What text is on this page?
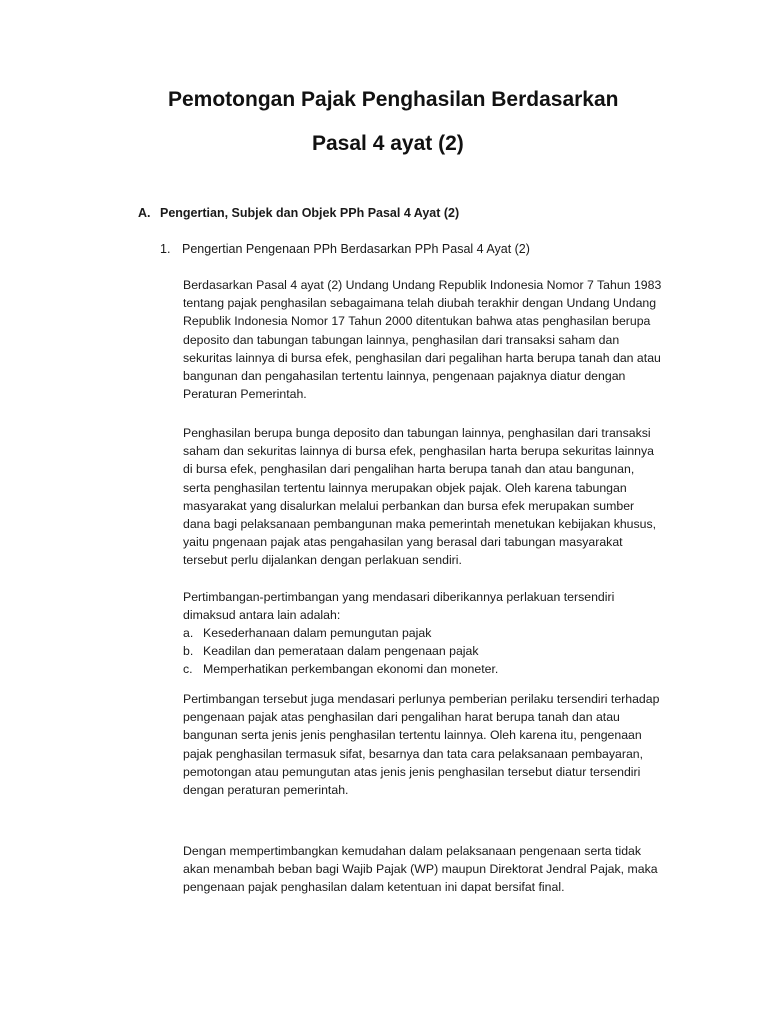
Pemotongan Pajak Penghasilan Berdasarkan
Pasal 4 ayat (2)
A. Pengertian, Subjek dan Objek PPh Pasal 4 Ayat (2)
1. Pengertian Pengenaan PPh Berdasarkan PPh Pasal 4 Ayat (2)

Berdasarkan Pasal 4 ayat (2) Undang Undang Republik Indonesia Nomor 7 Tahun 1983 tentang pajak penghasilan sebagaimana telah diubah terakhir dengan Undang Undang Republik Indonesia Nomor 17 Tahun 2000 ditentukan bahwa atas penghasilan berupa deposito dan tabungan tabungan lainnya, penghasilan dari transaksi saham dan sekuritas lainnya di bursa efek, penghasilan dari pegalihan harta berupa tanah dan atau bangunan dan pengahasilan tertentu lainnya, pengenaan pajaknya diatur dengan Peraturan Pemerintah.

Penghasilan berupa bunga deposito dan tabungan lainnya, penghasilan dari transaksi saham dan sekuritas lainnya di bursa efek, penghasilan harta berupa sekuritas lainnya di bursa efek, penghasilan dari pengalihan harta berupa tanah dan atau bangunan, serta penghasilan tertentu lainnya merupakan objek pajak. Oleh karena tabungan masyarakat yang disalurkan melalui perbankan dan bursa efek merupakan sumber dana bagi pelaksanaan pembangunan maka pemerintah menetukan kebijakan khusus, yaitu pngenaan pajak atas pengahasilan yang berasal dari tabungan masyarakat tersebut perlu dijalankan dengan perlakuan sendiri.

Pertimbangan-pertimbangan yang mendasari diberikannya perlakuan tersendiri dimaksud antara lain adalah:

a. Kesederhanaan dalam pemungutan pajak
b. Keadilan dan pemerataan dalam pengenaan pajak
c. Memperhatikan perkembangan ekonomi dan moneter.

Pertimbangan tersebut juga mendasari perlunya pemberian perilaku tersendiri terhadap pengenaan pajak atas penghasilan dari pengalihan harat berupa tanah dan atau bangunan serta jenis jenis penghasilan tertentu lainnya. Oleh karena itu, pengenaan pajak penghasilan termasuk sifat, besarnya dan tata cara pelaksanaan pembayaran, pemotongan atau pemungutan atas jenis jenis penghasilan tersebut diatur tersendiri dengan peraturan pemerintah.

Dengan mempertimbangkan kemudahan dalam pelaksanaan pengenaan serta tidak akan menambah beban bagi Wajib Pajak (WP) maupun Direktorat Jendral Pajak, maka pengenaan pajak penghasilan dalam ketentuan ini dapat bersifat final.
